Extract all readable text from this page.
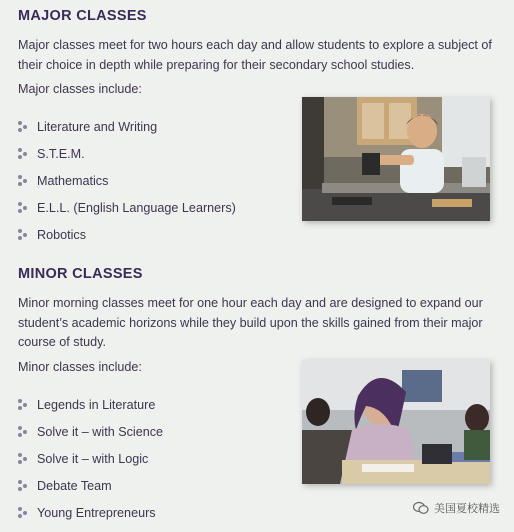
MAJOR CLASSES

Major classes meet for two hours each day and allow students to explore a subject of their choice in depth while preparing for their secondary school studies.

Major classes include:

Literature and Writing
S.T.E.M.
Mathematics
E.L.L. (English Language Learners)
Robotics
MINOR CLASSES

Minor morning classes meet for one hour each day and are designed to expand our student’s academic horizons while they build upon the skills gained from their major course of study.

Minor classes include:

Legends in Literature
Solve it – with Science
Solve it – with Logic
Debate Team
Young Entrepreneurs	美国夏校精选
